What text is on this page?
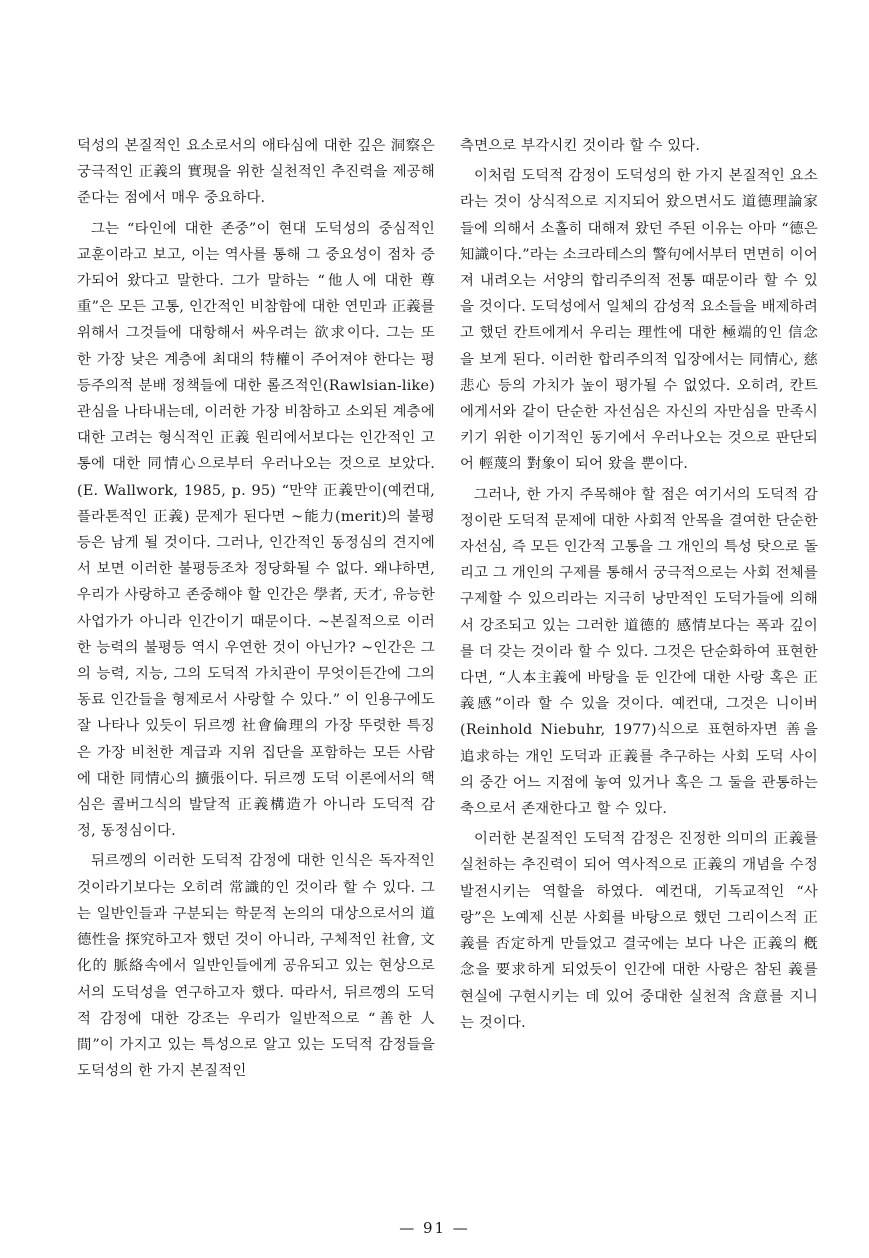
덕성의 본질적인 요소로서의 애타심에 대한 깊은 洞察은 궁극적인 正義의 實現을 위한 실천적인 추진력을 제공해 준다는 점에서 매우 중요하다.

그는 “타인에 대한 존중”이 현대 도덕성의 중심적인 교훈이라고 보고, 이는 역사를 통해 그 중요성이 점차 증가되어 왔다고 말한다. 그가 말하는 “他人에 대한 尊重”은 모든 고통, 인간적인 비참함에 대한 연민과 正義를 위해서 그것들에 대항해서 싸우려는 欲求이다. 그는 또한 가장 낮은 계층에 최대의 特權이 주어져야 한다는 평등주의적 분배 정책들에 대한 롤즈적인(Rawlsian-like) 관심을 나타내는데, 이러한 가장 비참하고 소외된 계층에 대한 고려는 형식적인 正義 원리에서보다는 인간적인 고통에 대한 同情心으로부터 우러나오는 것으로 보았다. (E. Wallwork, 1985, p. 95) “만약 正義만이(예컨대, 플라톤적인 正義) 문제가 된다면 ~能力(merit)의 불평등은 남게 될 것이다. 그러나, 인간적인 동정심의 견지에서 보면 이러한 불평등조차 정당화될 수 없다. 왜냐하면, 우리가 사랑하고 존중해야 할 인간은 學者, 天才, 유능한 사업가가 아니라 인간이기 때문이다. ~본질적으로 이러한 능력의 불평등 역시 우연한 것이 아닌가? ~인간은 그의 능력, 지능, 그의 도덕적 가치관이 무엇이든간에 그의 동료 인간들을 형제로서 사랑할 수 있다.” 이 인용구에도 잘 나타나 있듯이 뒤르껭 社會倫理의 가장 뚜렷한 특징은 가장 비천한 계급과 지위 집단을 포함하는 모든 사람에 대한 同情心의 擴張이다. 뒤르껭 도덕 이론에서의 핵심은 콜버그식의 발달적 正義構造가 아니라 도덕적 감정, 동정심이다.

뒤르껭의 이러한 도덕적 감정에 대한 인식은 독자적인 것이라기보다는 오히려 常識的인 것이라 할 수 있다. 그는 일반인들과 구분되는 학문적 논의의 대상으로서의 道德性을 探究하고자 했던 것이 아니라, 구체적인 社會, 文化的 脈絡속에서 일반인들에게 공유되고 있는 현상으로서의 도덕성을 연구하고자 했다. 따라서, 뒤르껭의 도덕적 감정에 대한 강조는 우리가 일반적으로 “善한 人間”이 가지고 있는 특성으로 알고 있는 도덕적 감정들을 도덕성의 한 가지 본질적인

측면으로 부각시킨 것이라 할 수 있다.

이처럼 도덕적 감정이 도덕성의 한 가지 본질적인 요소라는 것이 상식적으로 지지되어 왔으면서도 道德理論家들에 의해서 소홀히 대해져 왔던 주된 이유는 아마 “德은 知識이다.”라는 소크라테스의 警句에서부터 면면히 이어져 내려오는 서양의 합리주의적 전통 때문이라 할 수 있을 것이다. 도덕성에서 일체의 감성적 요소들을 배제하려고 했던 칸트에게서 우리는 理性에 대한 極端的인 信念을 보게 된다. 이러한 합리주의적 입장에서는 同情心, 慈悲心 등의 가치가 높이 평가될 수 없었다. 오히려, 칸트에게서와 같이 단순한 자선심은 자신의 자만심을 만족시키기 위한 이기적인 동기에서 우러나오는 것으로 판단되어 輕蔑의 對象이 되어 왔을 뿐이다.

그러나, 한 가지 주목해야 할 점은 여기서의 도덕적 감정이란 도덕적 문제에 대한 사회적 안목을 결여한 단순한 자선심, 즉 모든 인간적 고통을 그 개인의 특성 탓으로 돌리고 그 개인의 구제를 통해서 궁극적으로는 사회 전체를 구제할 수 있으리라는 지극히 낭만적인 도덕가들에 의해서 강조되고 있는 그러한 道德的 感情보다는 폭과 깊이를 더 갖는 것이라 할 수 있다. 그것은 단순화하여 표현한다면, “人本主義에 바탕을 둔 인간에 대한 사랑 혹은 正義感”이라 할 수 있을 것이다. 예컨대, 그것은 니이버(Reinhold Niebuhr, 1977)식으로 표현하자면 善을 追求하는 개인 도덕과 正義를 추구하는 사회 도덕 사이의 중간 어느 지점에 놓여 있거나 혹은 그 둘을 관통하는 축으로서 존재한다고 할 수 있다.

이러한 본질적인 도덕적 감정은 진정한 의미의 正義를 실천하는 추진력이 되어 역사적으로 正義의 개념을 수정 발전시키는 역할을 하였다. 예컨대, 기독교적인 “사랑”은 노예제 신분 사회를 바탕으로 했던 그리이스적 正義를 否定하게 만들었고 결국에는 보다 나은 正義의 槪念을 要求하게 되었듯이 인간에 대한 사랑은 참된 義를 현실에 구현시키는 데 있어 중대한 실천적 含意를 지니는 것이다.

— 91 —
